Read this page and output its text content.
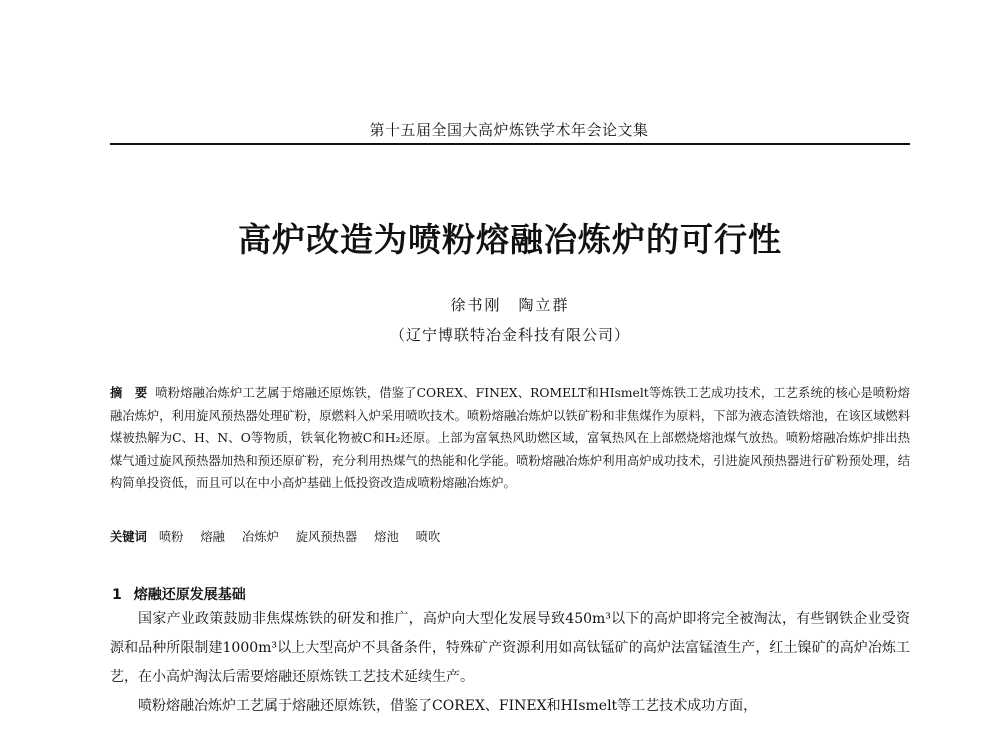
第十五届全国大高炉炼铁学术年会论文集
高炉改造为喷粉熔融冶炼炉的可行性
徐书刚　陶立群
（辽宁博联特冶金科技有限公司）
摘　要 喷粉熔融冶炼炉工艺属于熔融还原炼铁，借鉴了COREX、FINEX、ROMELT和HIsmelt等炼铁工艺成功技术，工艺系统的核心是喷粉熔融冶炼炉，利用旋风预热器处理矿粉，原燃料入炉采用喷吹技术。喷粉熔融冶炼炉以铁矿粉和非焦煤作为原料，下部为液态渣铁熔池，在该区域燃料煤被热解为C、H、N、O等物质，铁氧化物被C和H₂还原。上部为富氧热风助燃区域，富氧热风在上部燃烧熔池煤气放热。喷粉熔融冶炼炉排出热煤气通过旋风预热器加热和预还原矿粉，充分利用热煤气的热能和化学能。喷粉熔融冶炼炉利用高炉成功技术，引进旋风预热器进行矿粉预处理，结构简单投资低，而且可以在中小高炉基础上低投资改造成喷粉熔融冶炼炉。
关键词 喷粉 熔融 冶炼炉 旋风预热器 熔池 喷吹
1 熔融还原发展基础

国家产业政策鼓励非焦煤炼铁的研发和推广，高炉向大型化发展导致450m³以下的高炉即将完全被淘汰，有些钢铁企业受资源和品种所限制建1000m³以上大型高炉不具备条件，特殊矿产资源利用如高钛锰矿的高炉法富锰渣生产，红土镍矿的高炉冶炼工艺，在小高炉淘汰后需要熔融还原炼铁工艺技术延续生产。

喷粉熔融冶炼炉工艺属于熔融还原炼铁，借鉴了COREX、FINEX和HIsmelt等工艺技术成功方面，
